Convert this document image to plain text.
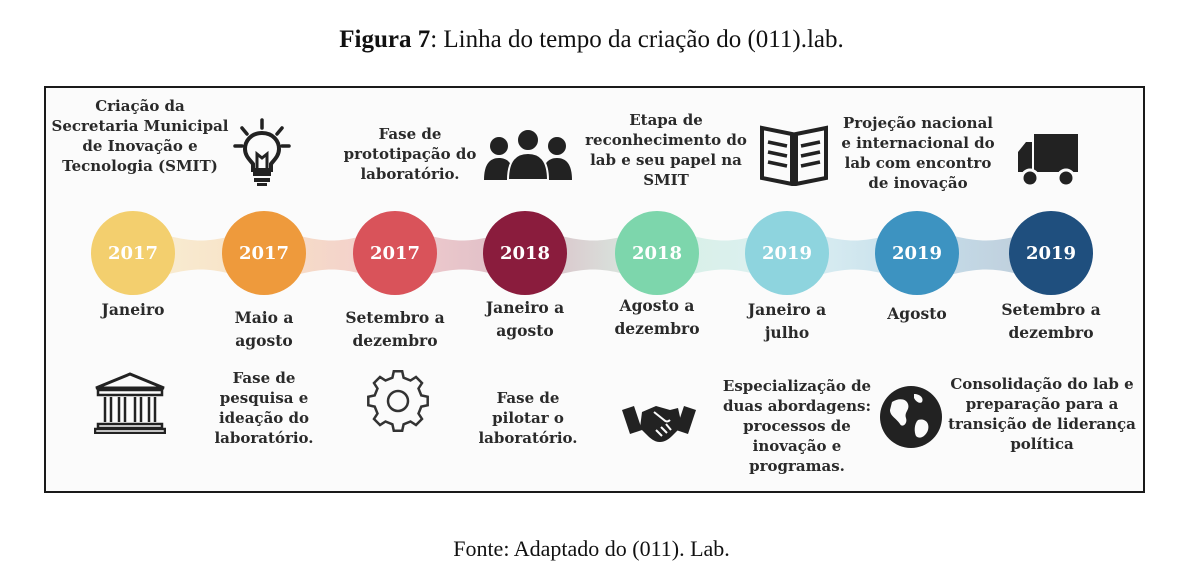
Figura 7: Linha do tempo da criação do (011).lab.
2017
Janeiro
Criação da
Secretaria Municipal
de Inovação e
Tecnologia (SMIT)
2017
Maio a
agosto
Fase de
pesquisa e
ideação do
laboratório.
2017
Setembro a
dezembro
Fase de
prototipação do
laboratório.
2018
Janeiro a
agosto
Fase de
pilotar o
laboratório.
2018
Agosto a
dezembro
Etapa de
reconhecimento do
lab e seu papel na
SMIT
2019
Janeiro a
julho
Especialização de
duas abordagens:
processos de
inovação e
programas.
2019
Agosto
Projeção nacional
e internacional do
lab com encontro
de inovação
2019
Setembro a
dezembro
Consolidação do lab e
preparação para a
transição de liderança
política
Fonte: Adaptado do (011). Lab.
